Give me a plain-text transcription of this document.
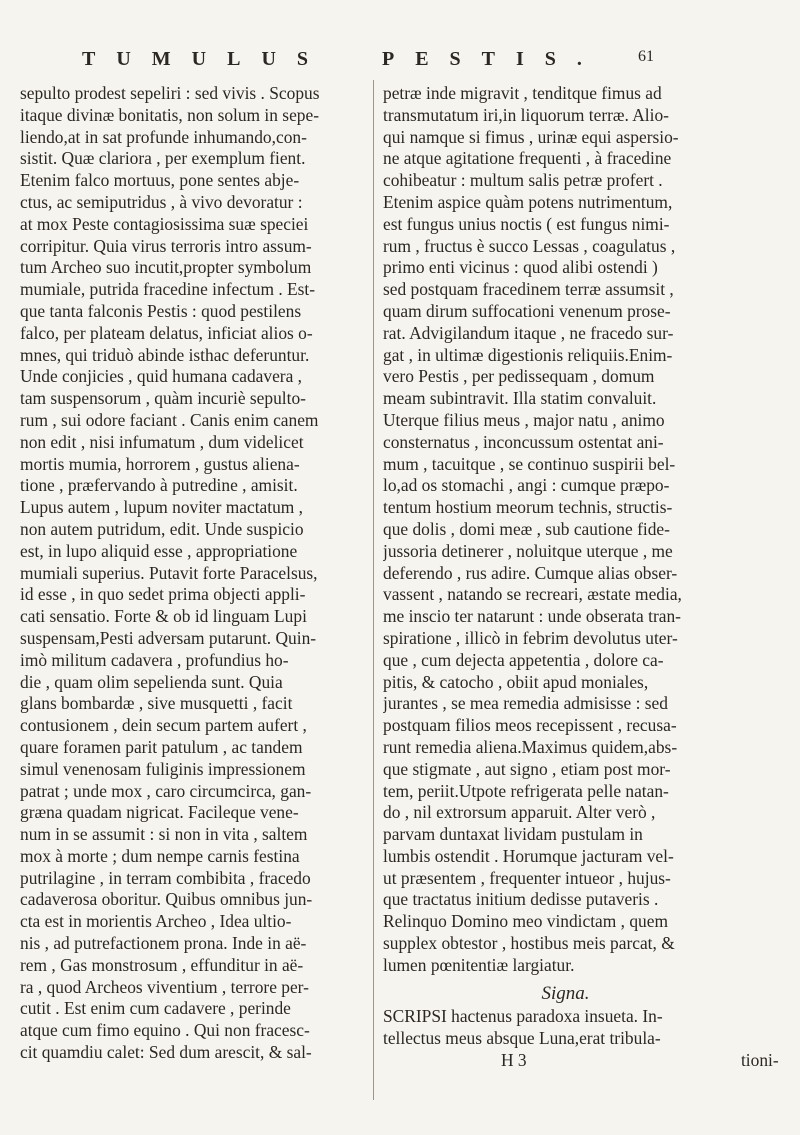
TUMULUS	PESTIS. 61
sepulto prodest sepeliri : sed vivis . Scopus
itaque divinæ bonitatis, non solum in sepe-
liendo,at in sat profunde inhumando,con-
sistit. Quæ clariora , per exemplum fient.
Etenim falco mortuus, pone sentes abje-
ctus, ac semiputridus , à vivo devoratur :
at mox Peste contagiosissima suæ speciei
corripitur. Quia virus terroris intro assum-
tum Archeo suo incutit,propter symbolum
mumiale, putrida fracedine infectum . Est-
que tanta falconis Pestis : quod pestilens
falco, per plateam delatus, inficiat alios o-
mnes, qui triduò abinde isthac deferuntur.
Unde conjicies , quid humana cadavera ,
tam suspensorum , quàm incuriè sepulto-
rum , sui odore faciant . Canis enim canem
non edit , nisi infumatum , dum videlicet
mortis mumia, horrorem , gustus aliena-
tione , præfervando à putredine , amisit.
Lupus autem , lupum noviter mactatum ,
non autem putridum, edit. Unde suspicio
est, in lupo aliquid esse , appropriatione
mumiali superius. Putavit forte Paracelsus,
id esse , in quo sedet prima objecti appli-
cati sensatio. Forte & ob id linguam Lupi
suspensam,Pesti adversam putarunt. Quin-
imò militum cadavera , profundius ho-
die , quam olim sepelienda sunt. Quia
glans bombardæ , sive musquetti , facit
contusionem , dein secum partem aufert ,
quare foramen parit patulum , ac tandem
simul venenosam fuliginis impressionem
patrat ; unde mox , caro circumcirca, gan-
græna quadam nigricat. Facileque vene-
num in se assumit : si non in vita , saltem
mox à morte ; dum nempe carnis festina
putrilagine , in terram combibita , fracedo
cadaverosa oboritur. Quibus omnibus jun-
cta est in morientis Archeo , Idea ultio-
nis , ad putrefactionem prona. Inde in aë-
rem , Gas monstrosum , effunditur in aë-
ra , quod Archeos viventium , terrore per-
cutit . Est enim cum cadavere , perinde
atque cum fimo equino . Qui non fracesc-
cit quamdiu calet: Sed dum arescit, & sal-
petræ inde migravit , tenditque fimus ad
transmutatum iri,in liquorum terræ. Alio-
qui namque si fimus , urinæ equi aspersio-
ne atque agitatione frequenti , à fracedine
cohibeatur : multum salis petræ profert .
Etenim aspice quàm potens nutrimentum,
est fungus unius noctis ( est fungus nimi-
rum , fructus è succo Lessas , coagulatus ,
primo enti vicinus : quod alibi ostendi )
sed postquam fracedinem terræ assumsit ,
quam dirum suffocationi venenum prose-
rat. Advigilandum itaque , ne fracedo sur-
gat , in ultimæ digestionis reliquiis.Enim-
vero Pestis , per pedissequam , domum
meam subintravit. Illa statim convaluit.
Uterque filius meus , major natu , animo
consternatus , inconcussum ostentat ani-
mum , tacuitque , se continuo suspirii bel-
lo,ad os stomachi , angi : cumque præpo-
tentum hostium meorum technis, structis-
que dolis , domi meæ , sub cautione fide-
jussoria detinerer , noluitque uterque , me
deferendo , rus adire. Cumque alias obser-
vassent , natando se recreari, æstate media,
me inscio ter natarunt : unde obserata tran-
spiratione , illicò in febrim devolutus uter-
que , cum dejecta appetentia , dolore ca-
pitis, & catocho , obiit apud moniales,
jurantes , se mea remedia admisisse : sed
postquam filios meos recepissent , recusa-
runt remedia aliena.Maximus quidem,abs-
que stigmate , aut signo , etiam post mor-
tem, periit.Utpote refrigerata pelle natan-
do , nil extrorsum apparuit. Alter verò ,
parvam duntaxat lividam pustulam in
lumbis ostendit . Horumque jacturam vel-
ut præsentem , frequenter intueor , hujus-
que tractatus initium dedisse putaveris .
Relinquo Domino meo vindictam , quem
supplex obtestor , hostibus meis parcat, &
lumen pœnitentiæ largiatur.
Signa.
SCRIPSI hactenus paradoxa insueta. In-
tellectus meus absque Luna,erat tribula-
H 3	tioni-
